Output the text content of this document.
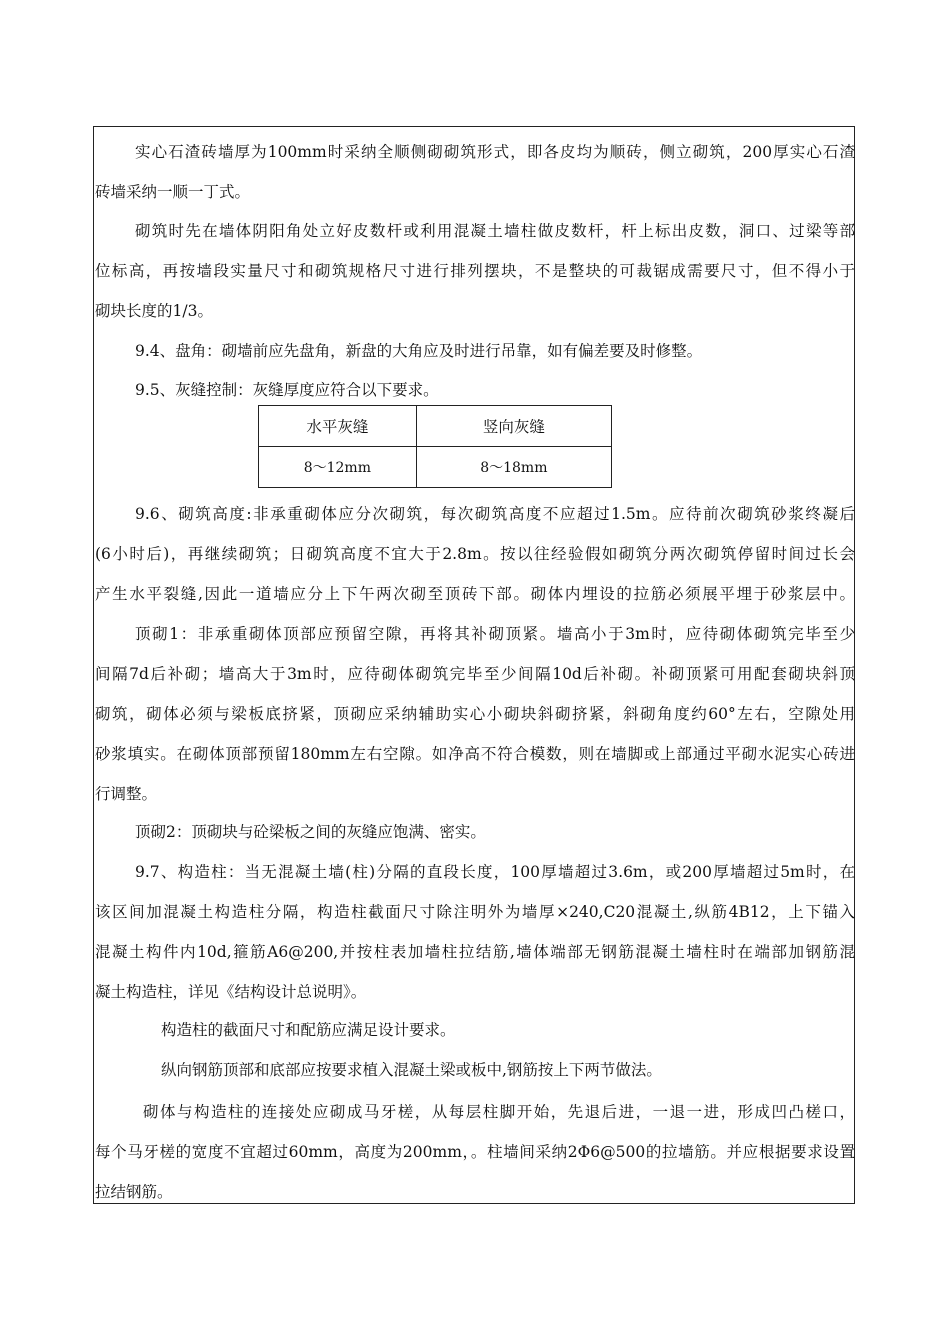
实心石渣砖墙厚为100mm时采纳全顺侧砌砌筑形式，即各皮均为顺砖，侧立砌筑，200厚实心石渣
砖墙采纳一顺一丁式。
砌筑时先在墙体阴阳角处立好皮数杆或利用混凝土墙柱做皮数杆，杆上标出皮数，洞口、过梁等部
位标高，再按墙段实量尺寸和砌筑规格尺寸进行排列摆块，不是整块的可裁锯成需要尺寸，但不得小于
砌块长度的1/3。
9.4、盘角：砌墙前应先盘角，新盘的大角应及时进行吊靠，如有偏差要及时修整。
9.5、灰缝控制：灰缝厚度应符合以下要求。
水平灰缝	竖向灰缝
8～12mm	8～18mm
9.6、砌筑高度:非承重砌体应分次砌筑，每次砌筑高度不应超过1.5m。应待前次砌筑砂浆终凝后
(6小时后)，再继续砌筑；日砌筑高度不宜大于2.8m。按以往经验假如砌筑分两次砌筑停留时间过长会
产生水平裂缝,因此一道墙应分上下午两次砌至顶砖下部。砌体内埋设的拉筋必须展平埋于砂浆层中。
顶砌1：非承重砌体顶部应预留空隙，再将其补砌顶紧。墙高小于3m时，应待砌体砌筑完毕至少
间隔7d后补砌；墙高大于3m时，应待砌体砌筑完毕至少间隔10d后补砌。补砌顶紧可用配套砌块斜顶
砌筑，砌体必须与梁板底挤紧，顶砌应采纳辅助实心小砌块斜砌挤紧，斜砌角度约60°左右，空隙处用
砂浆填实。在砌体顶部预留180mm左右空隙。如净高不符合模数，则在墙脚或上部通过平砌水泥实心砖进
行调整。
顶砌2：顶砌块与砼梁板之间的灰缝应饱满、密实。
9.7、构造柱：当无混凝土墙(柱)分隔的直段长度，100厚墙超过3.6m，或200厚墙超过5m时，在
该区间加混凝土构造柱分隔，构造柱截面尺寸除注明外为墙厚×240,C20混凝土,纵筋4B12，上下锚入
混凝土构件内10d,箍筋A6@200,并按柱表加墙柱拉结筋,墙体端部无钢筋混凝土墙柱时在端部加钢筋混
凝土构造柱，详见《结构设计总说明》。
构造柱的截面尺寸和配筋应满足设计要求。
纵向钢筋顶部和底部应按要求植入混凝土梁或板中,钢筋按上下两节做法。
砌体与构造柱的连接处应砌成马牙槎，从每层柱脚开始，先退后进，一退一进，形成凹凸槎口，
每个马牙槎的宽度不宜超过60mm，高度为200mm，。柱墙间采纳2Φ6@500的拉墙筋。并应根据要求设置
拉结钢筋。
